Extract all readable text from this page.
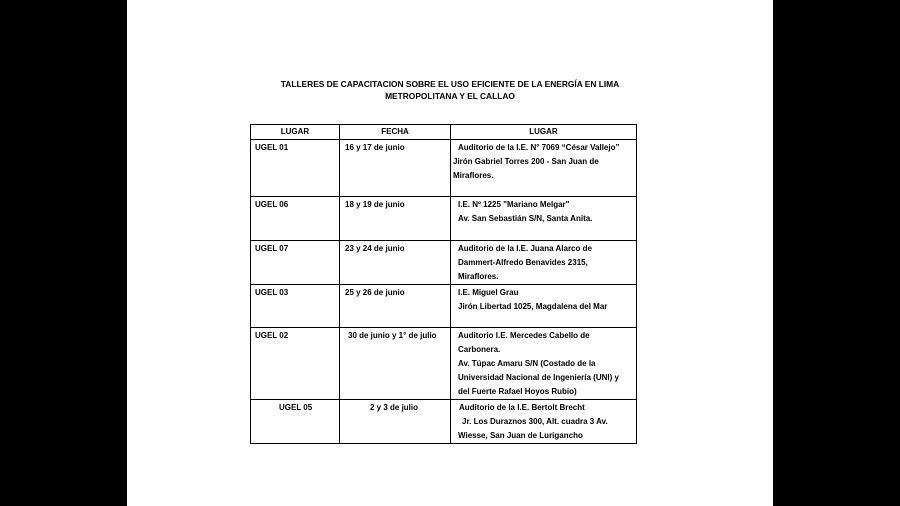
TALLERES DE CAPACITACION SOBRE EL USO EFICIENTE DE LA ENERGÍA EN LIMA
METROPOLITANA Y EL CALLAO
LUGAR	FECHA	LUGAR
UGEL 01	16 y 17 de junio	Auditorio de la I.E. N° 7069 “César Vallejo”
Jirón Gabriel Torres 200 - San Juan de
Miraflores.

UGEL 06	18 y 19 de junio	I.E. Nº 1225 "Mariano Melgar"
Av. San Sebastián S/N, Santa Anita.

UGEL 07	23 y 24 de junio	Auditorio de la I.E. Juana Alarco de
Dammert-Alfredo Benavides 2315,
Miraflores.

UGEL 03	25 y 26 de junio	I.E. Miguel Grau
Jirón Libertad 1025, Magdalena del Mar

UGEL 02	30 de junio y 1° de julio	Auditorio I.E. Mercedes Cabello de
Carbonera.
Av. Túpac Amaru S/N (Costado de la
Universidad Nacional de Ingeniería (UNI) y
del Fuerte Rafael Hoyos Rubio)

UGEL 05	2 y 3 de julio	Auditorio de la I.E. Bertolt Brecht
Jr. Los Duraznos 300, Alt. cuadra 3 Av.
Wiesse, San Juan de Lurigancho
